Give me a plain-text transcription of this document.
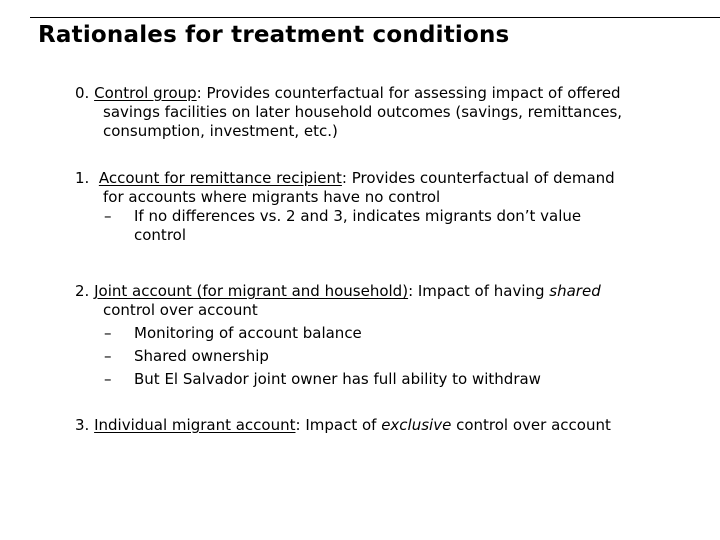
Rationales for treatment conditions
0. Control group: Provides counterfactual for assessing impact of offered
savings facilities on later household outcomes (savings, remittances,
consumption, investment, etc.)
1. Account for remittance recipient: Provides counterfactual of demand
for accounts where migrants have no control
– If no differences vs. 2 and 3, indicates migrants don’t value
control
2. Joint account (for migrant and household): Impact of having shared
control over account
– Monitoring of account balance
– Shared ownership
– But El Salvador joint owner has full ability to withdraw
3. Individual migrant account: Impact of exclusive control over account
